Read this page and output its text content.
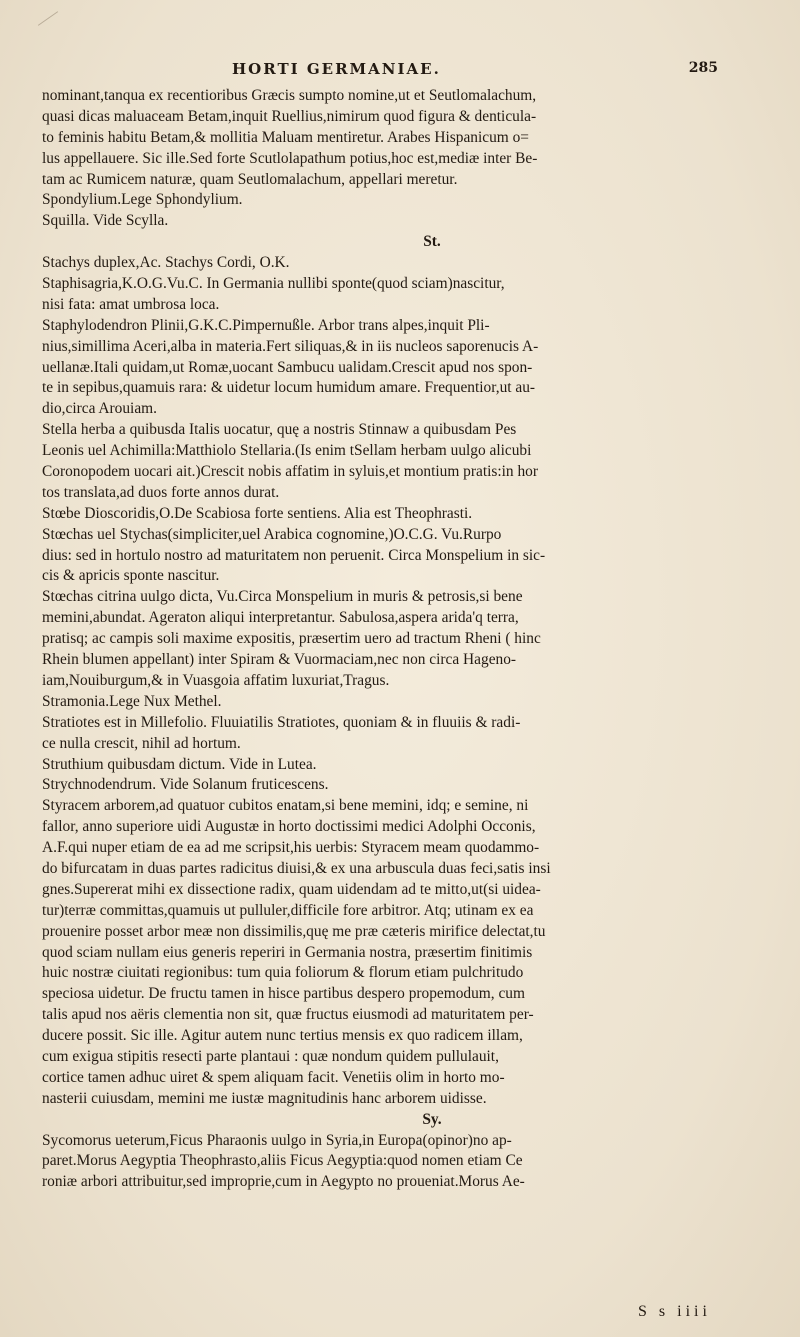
HORTI GERMANIAE.	285
nominant,tanqua ex recentioribus Græcis sumpto nomine,ut et Seutlomalachum,
quasi dicas maluaceam Betam,inquit Ruellius,nimirum quod figura & denticula-
to feminis habitu Betam,& mollitia Maluam mentiretur. Arabes Hispanicum o=
lus appellauere. Sic ille.Sed forte Scutlolapathum potius,hoc est,mediæ inter Be-
tam ac Rumicem naturæ, quam Seutlomalachum, appellari meretur.
Spondylium.Lege Sphondylium.
Squilla. Vide Scylla.
St.
Stachys duplex,Ac. Stachys Cordi, O.K.
Staphisagria,K.O.G.Vu.C. In Germania nullibi sponte(quod sciam)nascitur,
nisi fata: amat umbrosa loca.
Staphylodendron Plinii,G.K.C.Pimpernußle. Arbor trans alpes,inquit Pli-
nius,simillima Aceri,alba in materia.Fert siliquas,& in iis nucleos saporenucis A-
uellanæ.Itali quidam,ut Romæ,uocant Sambucu ualidam.Crescit apud nos spon-
te in sepibus,quamuis rara: & uidetur locum humidum amare. Frequentior,ut au-
dio,circa Arouiam.
Stella herba a quibusda Italis uocatur, quę a nostris Stinnaw a quibusdam Pes
Leonis uel Achimilla:Matthiolo Stellaria.(Is enim tSellam herbam uulgo alicubi
Coronopodem uocari ait.)Crescit nobis affatim in syluis,et montium pratis:in hor
tos translata,ad duos forte annos durat.
Stœbe Dioscoridis,O.De Scabiosa forte sentiens. Alia est Theophrasti.
Stœchas uel Stychas(simpliciter,uel Arabica cognomine,)O.C.G. Vu.Rurpo
dius: sed in hortulo nostro ad maturitatem non peruenit. Circa Monspelium in sic-
cis & apricis sponte nascitur.
Stœchas citrina uulgo dicta, Vu.Circa Monspelium in muris & petrosis,si bene
memini,abundat. Ageraton aliqui interpretantur. Sabulosa,aspera arida'q terra,
pratisq; ac campis soli maxime expositis, præsertim uero ad tractum Rheni ( hinc
Rhein blumen appellant) inter Spiram & Vuormaciam,nec non circa Hageno-
iam,Nouiburgum,& in Vuasgoia affatim luxuriat,Tragus.
Stramonia.Lege Nux Methel.
Stratiotes est in Millefolio. Fluuiatilis Stratiotes, quoniam & in fluuiis & radi-
ce nulla crescit, nihil ad hortum.
Struthium quibusdam dictum. Vide in Lutea.
Strychnodendrum. Vide Solanum fruticescens.
Styracem arborem,ad quatuor cubitos enatam,si bene memini, idq; e semine, ni
fallor, anno superiore uidi Augustæ in horto doctissimi medici Adolphi Occonis,
A.F.qui nuper etiam de ea ad me scripsit,his uerbis: Styracem meam quodammo-
do bifurcatam in duas partes radicitus diuisi,& ex una arbuscula duas feci,satis insi
gnes.Supererat mihi ex dissectione radix, quam uidendam ad te mitto,ut(si uidea-
tur)terræ committas,quamuis ut pulluler,difficile fore arbitror. Atq; utinam ex ea
prouenire posset arbor meæ non dissimilis,quę me præ cæteris mirifice delectat,tu
quod sciam nullam eius generis reperiri in Germania nostra, præsertim finitimis
huic nostræ ciuitati regionibus: tum quia foliorum & florum etiam pulchritudo
speciosa uidetur. De fructu tamen in hisce partibus despero propemodum, cum
talis apud nos aëris clementia non sit, quæ fructus eiusmodi ad maturitatem per-
ducere possit. Sic ille. Agitur autem nunc tertius mensis ex quo radicem illam,
cum exigua stipitis resecti parte plantaui : quæ nondum quidem pullulauit,
cortice tamen adhuc uiret & spem aliquam facit. Venetiis olim in horto mo-
nasterii cuiusdam, memini me iustæ magnitudinis hanc arborem uidisse.
Sy.
Sycomorus ueterum,Ficus Pharaonis uulgo in Syria,in Europa(opinor)no ap-
paret.Morus Aegyptia Theophrasto,aliis Ficus Aegyptia:quod nomen etiam Ce
roniæ arbori attribuitur,sed improprie,cum in Aegypto no proueniat.Morus Ae-
S s iiii
